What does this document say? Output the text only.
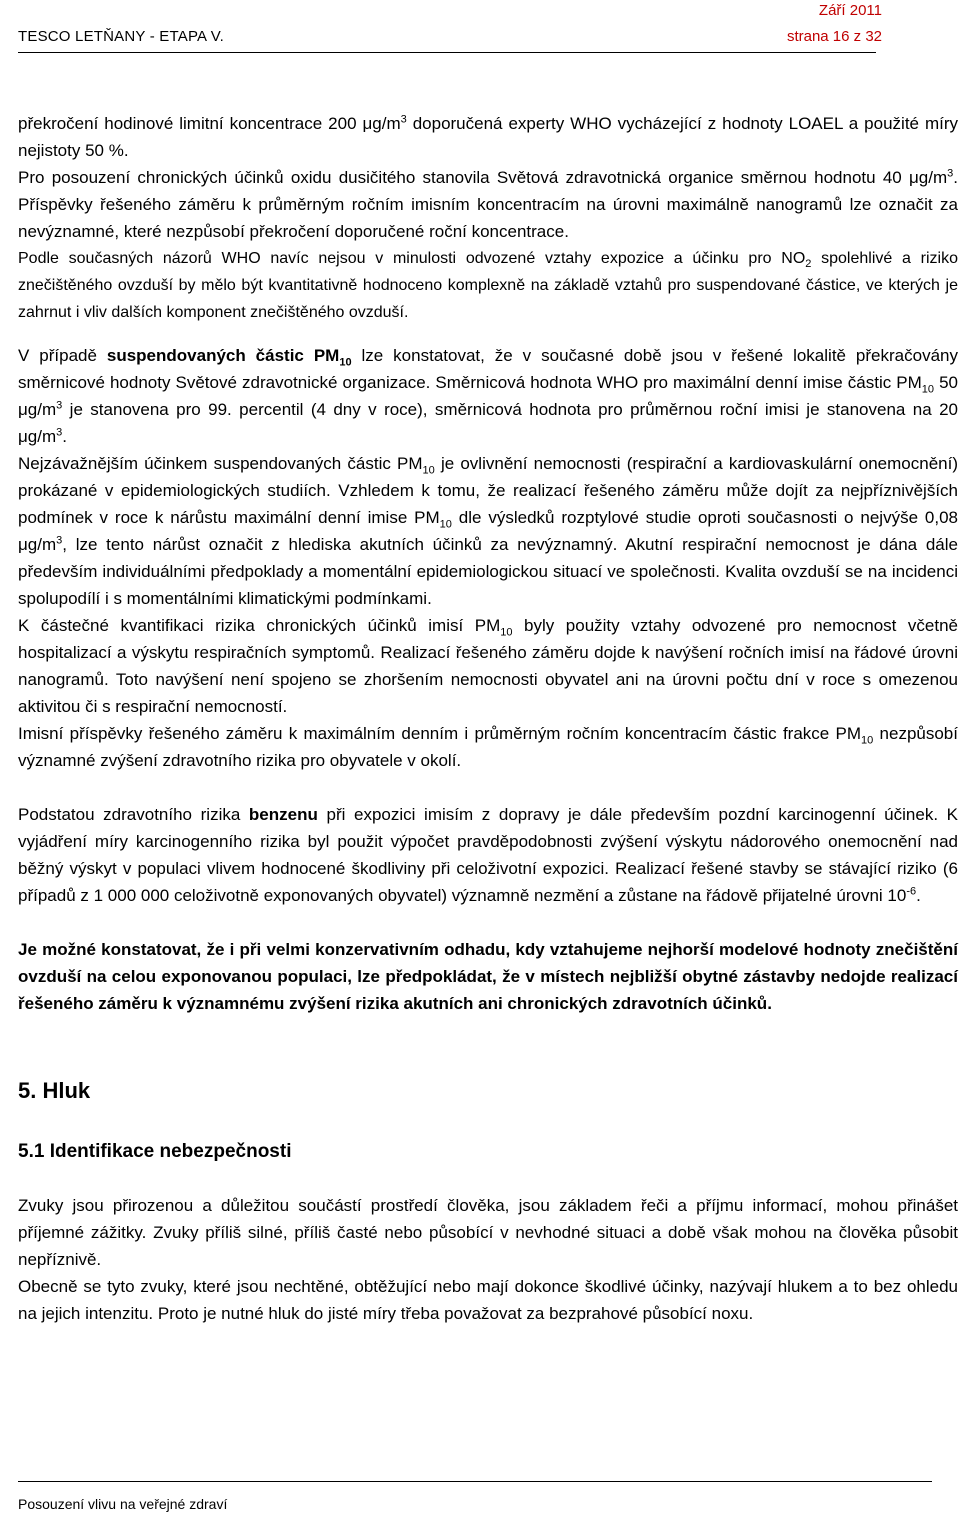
Září 2011
TESCO LETŇANY - ETAPA V.	strana 16 z 32

překročení hodinové limitní koncentrace 200 $\mu g/m^3$ doporučená experty WHO vycházející z hodnoty LOAEL a použité míry nejistoty 50 %.

Pro posouzení chronických účinků oxidu dusičitého stanovila Světová zdravotnická organice směrnou hodnotu 40 $\mu g/m^3$. Příspěvky řešeného záměru k průměrným ročním imisním koncentracím na úrovni maximálně nanogramů lze označit za nevýznamné, které nezpůsobí překročení doporučené roční koncentrace.

Podle současných názorů WHO navíc nejsou v minulosti odvozené vztahy expozice a účinku pro $NO_2$ spolehlivé a riziko znečištěného ovzduší by mělo být kvantitativně hodnoceno komplexně na základě vztahů pro suspendované částice, ve kterých je zahrnut i vliv dalších komponent znečištěného ovzduší.

V případě suspendovaných částic $PM_{10}$ lze konstatovat, že v současné době jsou v řešené lokalitě překračovány směrnicové hodnoty Světové zdravotnické organizace. Směrnicová hodnota WHO pro maximální denní imise částic $PM_{10}$ 50 $\mu g/m^3$ je stanovena pro 99. percentil (4 dny v roce), směrnicová hodnota pro průměrnou roční imisi je stanovena na 20 $\mu g/m^3$.

Nejzávažnějším účinkem suspendovaných částic $PM_{10}$ je ovlivnění nemocnosti (respirační a kardiovaskulární onemocnění) prokázané v epidemiologických studiích. Vzhledem k tomu, že realizací řešeného záměru může dojít za nejpříznivějších podmínek v roce k nárůstu maximální denní imise $PM_{10}$ dle výsledků rozptylové studie oproti současnosti o nejvýše 0,08 $\mu g/m^3$, lze tento nárůst označit z hlediska akutních účinků za nevýznamný. Akutní respirační nemocnost je dána dále především individuálními předpoklady a momentální epidemiologickou situací ve společnosti. Kvalita ovzduší se na incidenci spolupodílí i s momentálními klimatickými podmínkami.

K částečné kvantifikaci rizika chronických účinků imisí $PM_{10}$ byly použity vztahy odvozené pro nemocnost včetně hospitalizací a výskytu respiračních symptomů. Realizací řešeného záměru dojde k navýšení ročních imisí na řádové úrovni nanogramů. Toto navýšení není spojeno se zhoršením nemocnosti obyvatel ani na úrovni počtu dní v roce s omezenou aktivitou či s respirační nemocností.

Imisní příspěvky řešeného záměru k maximálním denním i průměrným ročním koncentracím částic frakce $PM_{10}$ nezpůsobí významné zvýšení zdravotního rizika pro obyvatele v okolí.

Podstatou zdravotního rizika benzenu při expozici imisím z dopravy je dále především pozdní karcinogenní účinek. K vyjádření míry karcinogenního rizika byl použit výpočet pravděpodobnosti zvýšení výskytu nádorového onemocnění nad běžný výskyt v populaci vlivem hodnocené škodliviny při celoživotní expozici. Realizací řešené stavby se stávající riziko (6 případů z 1 000 000 celoživotně exponovaných obyvatel) významně nezmění a zůstane na řádově přijatelné úrovni $10^{-6}$.

Je možné konstatovat, že i při velmi konzervativním odhadu, kdy vztahujeme nejhorší modelové hodnoty znečištění ovzduší na celou exponovanou populaci, lze předpokládat, že v místech nejbližší obytné zástavby nedojde realizací řešeného záměru k významnému zvýšení rizika akutních ani chronických zdravotních účinků.

5. Hluk
5.1 Identifikace nebezpečnosti

Zvuky jsou přirozenou a důležitou součástí prostředí člověka, jsou základem řeči a příjmu informací, mohou přinášet příjemné zážitky. Zvuky příliš silné, příliš časté nebo působící v nevhodné situaci a době však mohou na člověka působit nepříznivě.

Obecně se tyto zvuky, které jsou nechtěné, obtěžující nebo mají dokonce škodlivé účinky, nazývají hlukem a to bez ohledu na jejich intenzitu. Proto je nutné hluk do jisté míry třeba považovat za bezprahové působící noxu.

Posouzení vlivu na veřejné zdraví
